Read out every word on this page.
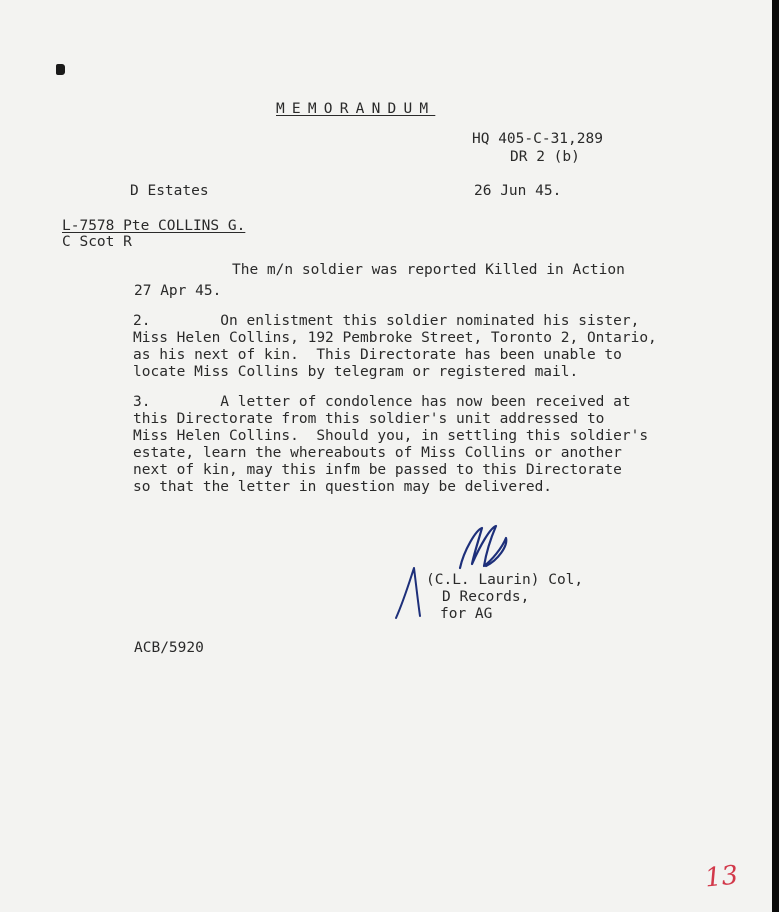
MEMORANDUM
HQ 405-C-31,289
DR 2 (b)
D Estates	26 Jun 45.
L-7578 Pte COLLINS G.
C Scot R
The m/n soldier was reported Killed in Action
27 Apr 45.
2.        On enlistment this soldier nominated his sister,
Miss Helen Collins, 192 Pembroke Street, Toronto 2, Ontario,
as his next of kin.  This Directorate has been unable to
locate Miss Collins by telegram or registered mail.
3.        A letter of condolence has now been received at
this Directorate from this soldier's unit addressed to
Miss Helen Collins.  Should you, in settling this soldier's
estate, learn the whereabouts of Miss Collins or another
next of kin, may this infm be passed to this Directorate
so that the letter in question may be delivered.
(C.L. Laurin) Col,
D Records,
for AG
ACB/5920
13
